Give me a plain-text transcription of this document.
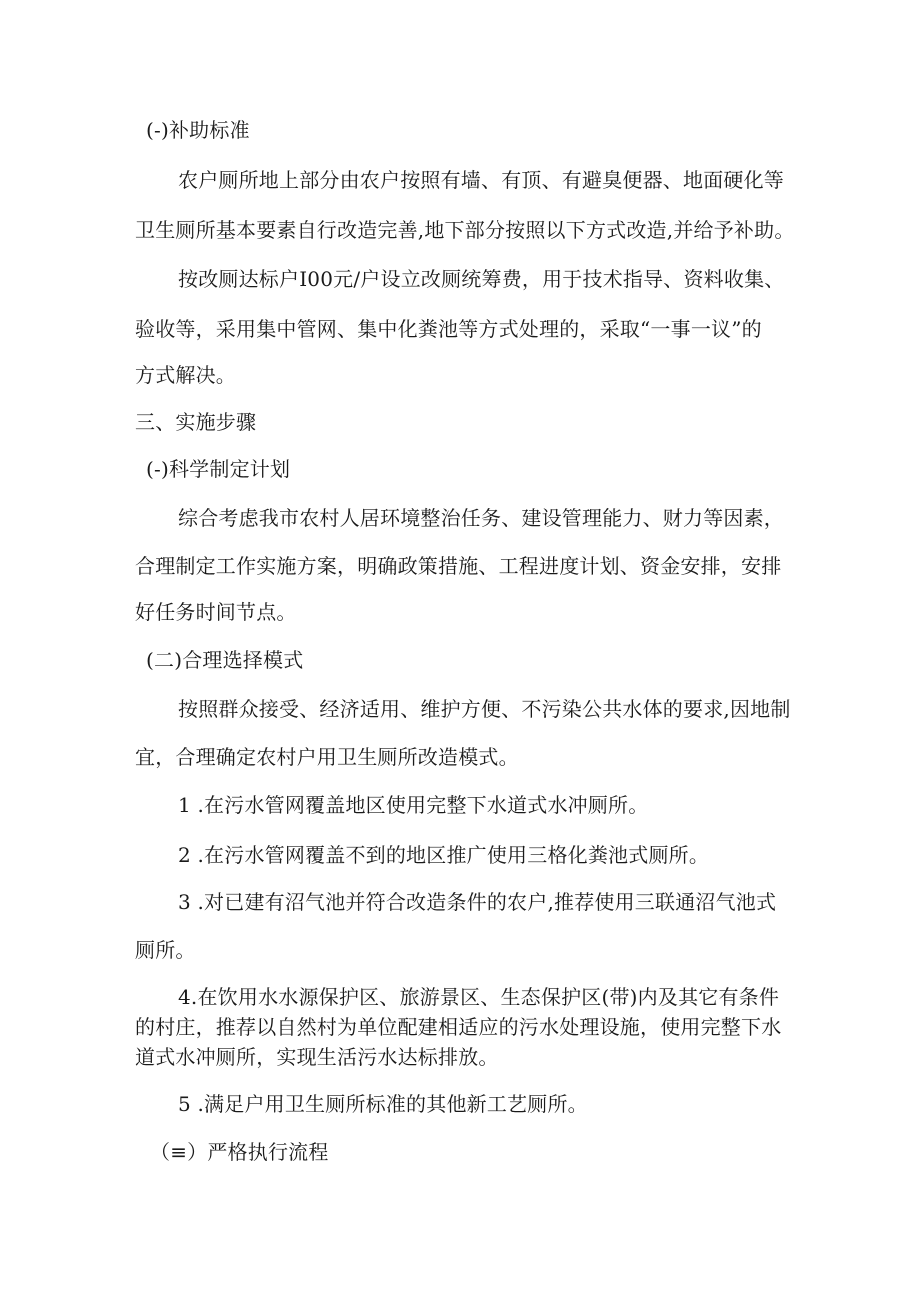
(-)补助标准
农户厕所地上部分由农户按照有墙、有顶、有避臭便器、地面硬化等
卫生厕所基本要素自行改造完善,地下部分按照以下方式改造,并给予补助。
按改厕达标户I00元/户设立改厕统筹费，用于技术指导、资料收集、
验收等，采用集中管网、集中化粪池等方式处理的，采取“一事一议”的
方式解决。
三、实施步骤
(-)科学制定计划
综合考虑我市农村人居环境整治任务、建设管理能力、财力等因素，
合理制定工作实施方案，明确政策措施、工程进度计划、资金安排，安排
好任务时间节点。
(二)合理选择模式
按照群众接受、经济适用、维护方便、不污染公共水体的要求,因地制
宜，合理确定农村户用卫生厕所改造模式。
1 .在污水管网覆盖地区使用完整下水道式水冲厕所。
2 .在污水管网覆盖不到的地区推广使用三格化粪池式厕所。
3 .对已建有沼气池并符合改造条件的农户,推荐使用三联通沼气池式
厕所。
4.在饮用水水源保护区、旅游景区、生态保护区(带)内及其它有条件
的村庄，推荐以自然村为单位配建相适应的污水处理设施，使用完整下水
道式水冲厕所，实现生活污水达标排放。
5 .满足户用卫生厕所标准的其他新工艺厕所。
（≡）严格执行流程
